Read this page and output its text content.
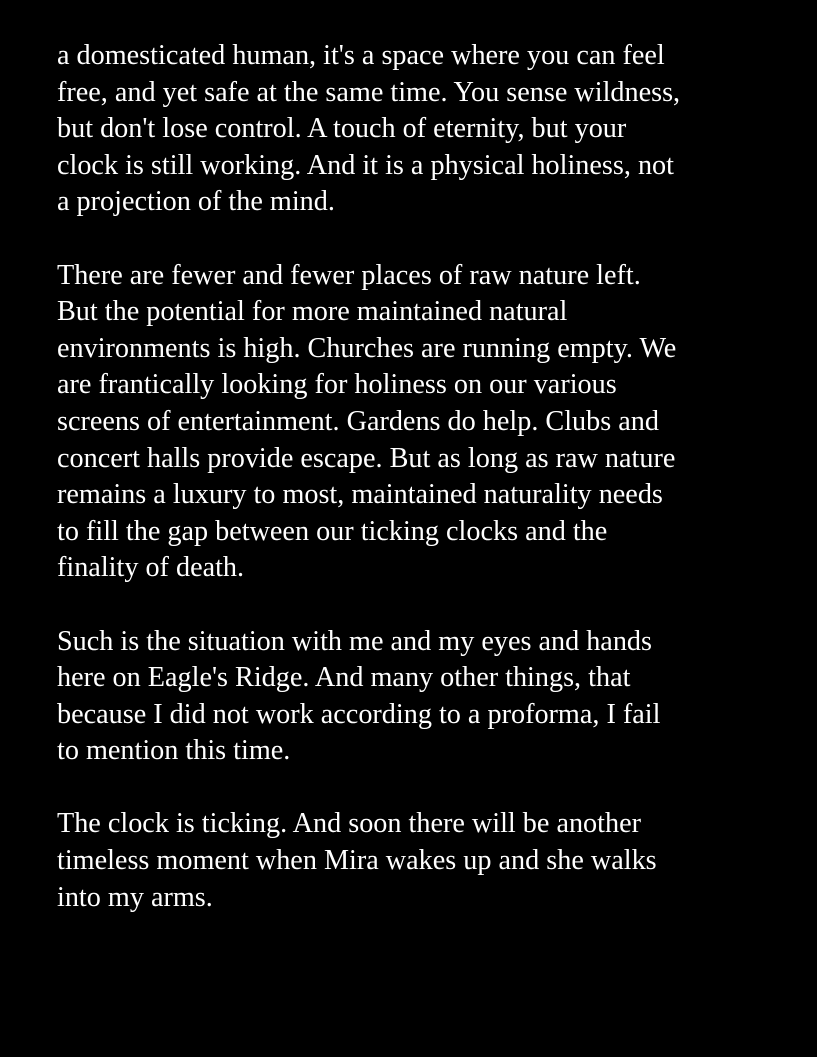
a domesticated human, it's a space where you can feel
free, and yet safe at the same time. You sense wildness,
but don't lose control. A touch of eternity, but your
clock is still working. And it is a physical holiness, not
a projection of the mind.

There are fewer and fewer places of raw nature left.
But the potential for more maintained natural
environments is high. Churches are running empty. We
are frantically looking for holiness on our various
screens of entertainment. Gardens do help. Clubs and
concert halls provide escape. But as long as raw nature
remains a luxury to most, maintained naturality needs
to fill the gap between our ticking clocks and the
finality of death.

Such is the situation with me and my eyes and hands
here on Eagle's Ridge. And many other things, that
because I did not work according to a proforma, I fail
to mention this time.

The clock is ticking. And soon there will be another
timeless moment when Mira wakes up and she walks
into my arms.
